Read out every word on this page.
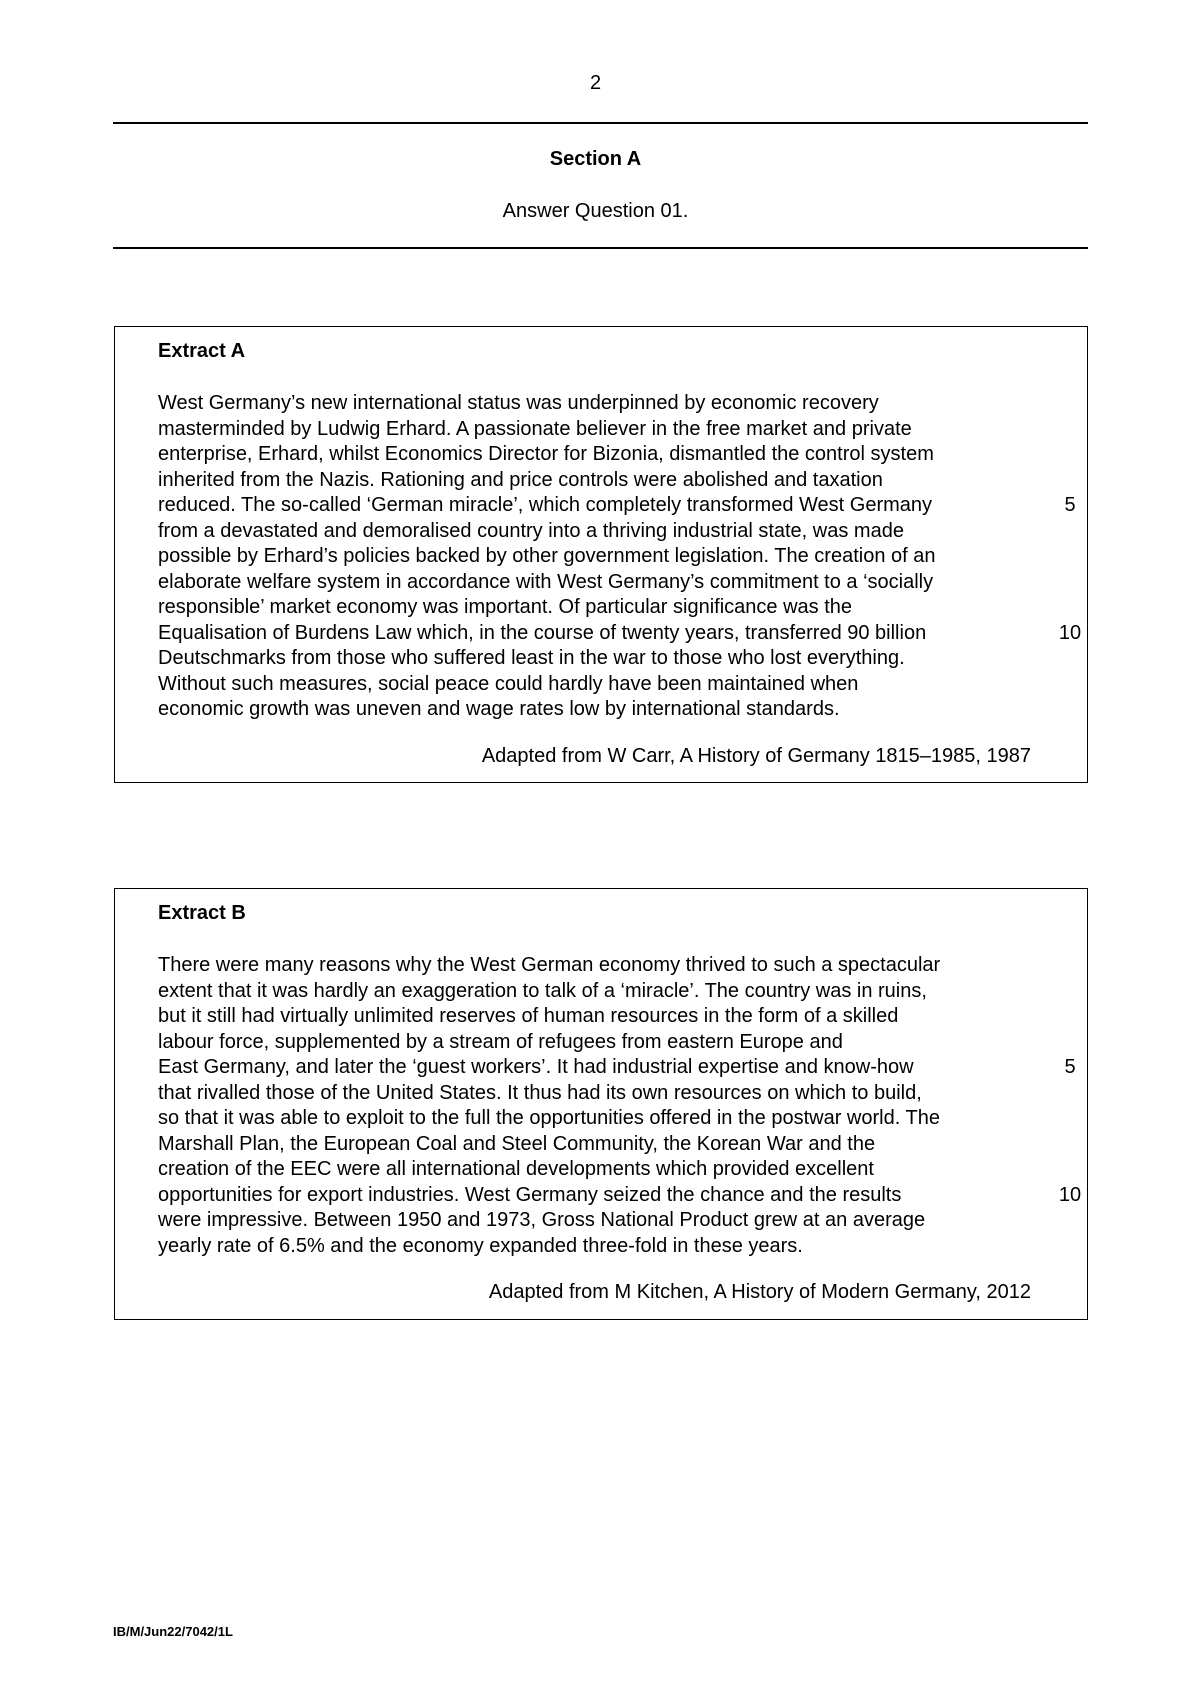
2
Section A
Answer Question 01.
Extract A
West Germany’s new international status was underpinned by economic recovery
masterminded by Ludwig Erhard. A passionate believer in the free market and private
enterprise, Erhard, whilst Economics Director for Bizonia, dismantled the control system
inherited from the Nazis. Rationing and price controls were abolished and taxation
reduced. The so-called ‘German miracle’, which completely transformed West Germany
from a devastated and demoralised country into a thriving industrial state, was made
possible by Erhard’s policies backed by other government legislation. The creation of an
elaborate welfare system in accordance with West Germany’s commitment to a ‘socially
responsible’ market economy was important. Of particular significance was the
Equalisation of Burdens Law which, in the course of twenty years, transferred 90 billion
Deutschmarks from those who suffered least in the war to those who lost everything.
Without such measures, social peace could hardly have been maintained when
economic growth was uneven and wage rates low by international standards.
5
10
Adapted from W Carr, A History of Germany 1815–1985, 1987
Extract B
There were many reasons why the West German economy thrived to such a spectacular
extent that it was hardly an exaggeration to talk of a ‘miracle’. The country was in ruins,
but it still had virtually unlimited reserves of human resources in the form of a skilled
labour force, supplemented by a stream of refugees from eastern Europe and
East Germany, and later the ‘guest workers’. It had industrial expertise and know-how
that rivalled those of the United States. It thus had its own resources on which to build,
so that it was able to exploit to the full the opportunities offered in the postwar world. The
Marshall Plan, the European Coal and Steel Community, the Korean War and the
creation of the EEC were all international developments which provided excellent
opportunities for export industries. West Germany seized the chance and the results
were impressive. Between 1950 and 1973, Gross National Product grew at an average
yearly rate of 6.5% and the economy expanded three-fold in these years.
5
10
Adapted from M Kitchen, A History of Modern Germany, 2012
IB/M/Jun22/7042/1L
